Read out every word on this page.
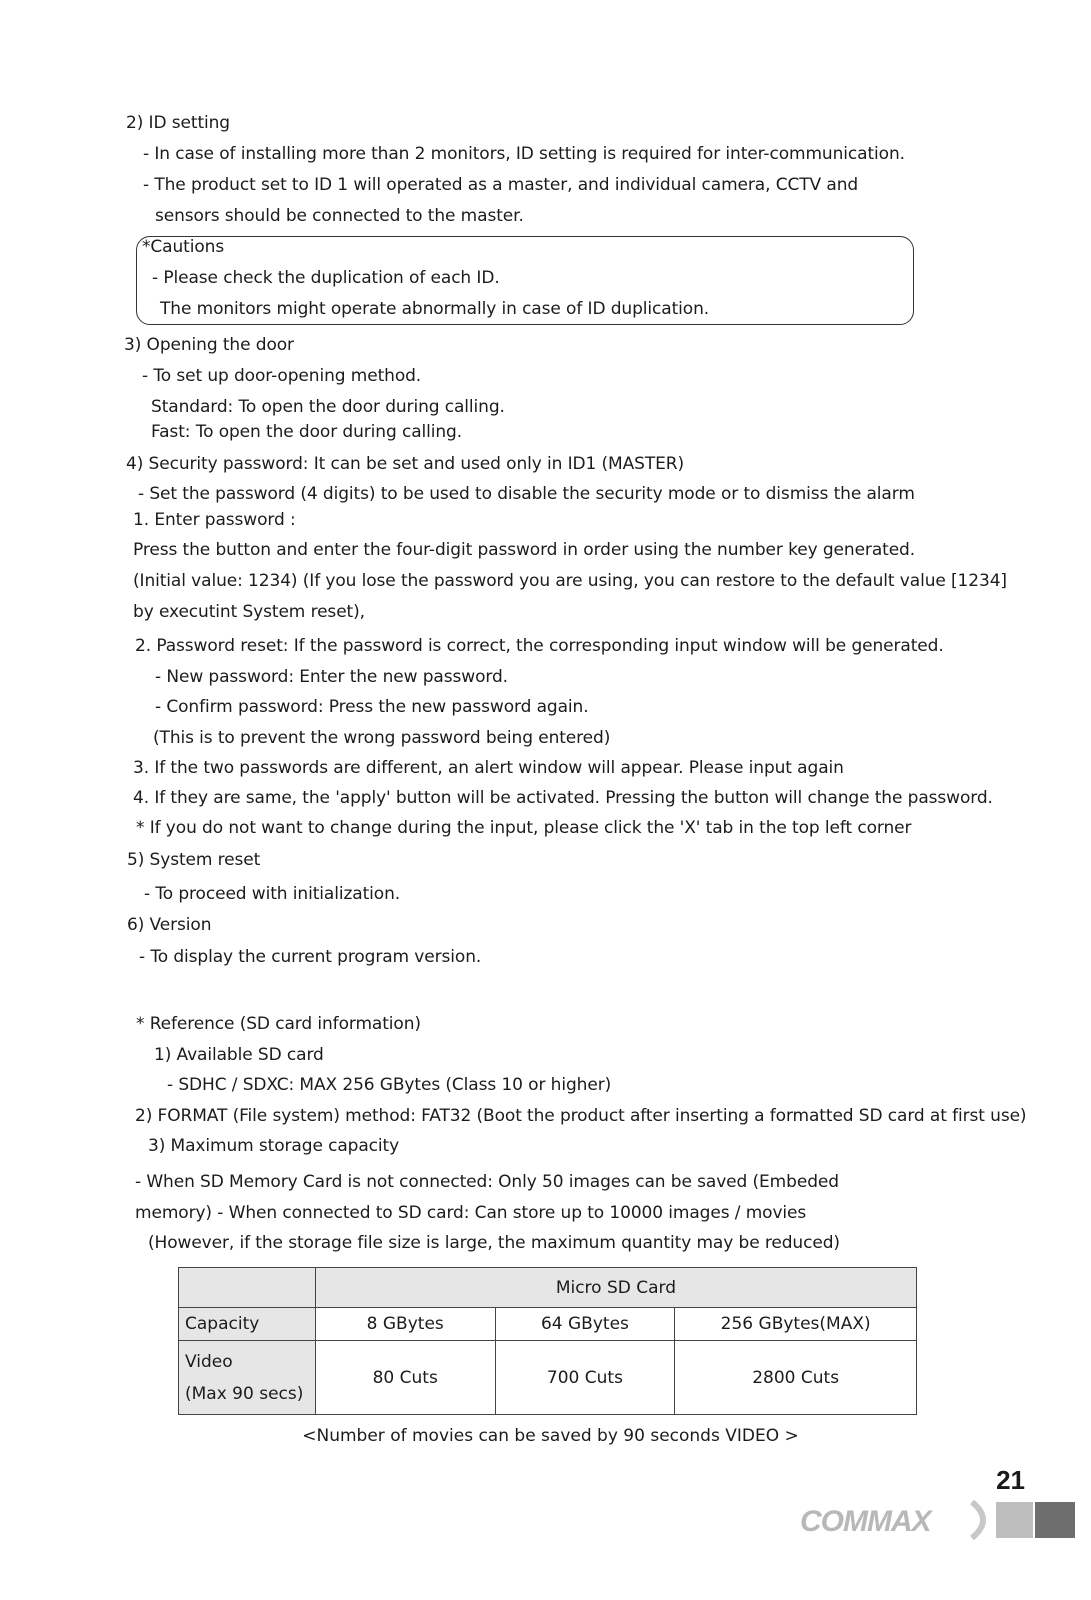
2) ID setting
- In case of installing more than 2 monitors, ID setting is required for inter-communication.
- The product set to ID 1 will operated as a master, and individual camera, CCTV and
sensors should be connected to the master.
*Cautions
- Please check the duplication of each ID.
The monitors might operate abnormally in case of ID duplication.
3) Opening the door
- To set up door-opening method.
Standard: To open the door during calling.
Fast: To open the door during calling.
4) Security password: It can be set and used only in ID1 (MASTER)
- Set the password (4 digits) to be used to disable the security mode or to dismiss the alarm
1. Enter password :
Press the button and enter the four-digit password in order using the number key generated.
(Initial value: 1234) (If you lose the password you are using, you can restore to the default value [1234]
by executint System reset),
2. Password reset: If the password is correct, the corresponding input window will be generated.
- New password: Enter the new password.
- Confirm password: Press the new password again.
(This is to prevent the wrong password being entered)
3. If the two passwords are different, an alert window will appear. Please input again
4. If they are same, the 'apply' button will be activated. Pressing the button will change the password.
* If you do not want to change during the input, please click the 'X' tab in the top left corner
5) System reset
- To proceed with initialization.
6) Version
- To display the current program version.
* Reference (SD card information)
1) Available SD card
- SDHC / SDXC: MAX 256 GBytes (Class 10 or higher)
2) FORMAT (File system) method: FAT32 (Boot the product after inserting a formatted SD card at first use)
3) Maximum storage capacity
- When SD Memory Card is not connected: Only 50 images can be saved (Embeded
memory) - When connected to SD card: Can store up to 10000 images / movies
(However, if the storage file size is large, the maximum quantity may be reduced)
	Micro SD Card		
Capacity	8 GBytes	64 GBytes	256 GBytes(MAX)

Video
(Max 90 secs)	80 Cuts	700 Cuts	2800 Cuts
<Number of movies can be saved by 90 seconds VIDEO >
21
COMMAX
